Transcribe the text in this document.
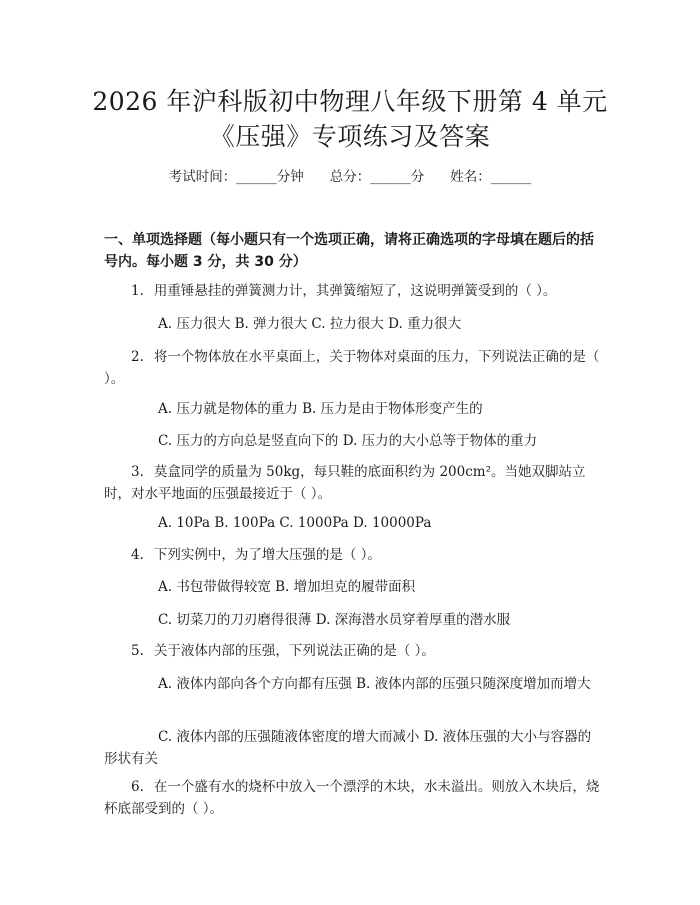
2026 年沪科版初中物理八年级下册第 4 单元
《压强》专项练习及答案
考试时间：______分钟 总分：______分 姓名：______

一、单项选择题（每小题只有一个选项正确，请将正确选项的字母填在题后的括号内。每小题 3 分，共 30 分）

1. 用重锤悬挂的弹簧测力计，其弹簧缩短了，这说明弹簧受到的（ ）。

A. 压力很大 B. 弹力很大 C. 拉力很大 D. 重力很大

2. 将一个物体放在水平桌面上，关于物体对桌面的压力，下列说法正确的是（ ）。

A. 压力就是物体的重力 B. 压力是由于物体形变产生的

C. 压力的方向总是竖直向下的 D. 压力的大小总等于物体的重力

3. 莫盒同学的质量为 50kg，每只鞋的底面积约为 200cm²。当她双脚站立时，对水平地面的压强最接近于（ ）。

A. 10Pa B. 100Pa C. 1000Pa D. 10000Pa

4. 下列实例中，为了增大压强的是（ ）。

A. 书包带做得较宽 B. 增加坦克的履带面积

C. 切菜刀的刀刃磨得很薄 D. 深海潜水员穿着厚重的潜水服

5. 关于液体内部的压强，下列说法正确的是（ ）。

A. 液体内部向各个方向都有压强 B. 液体内部的压强只随深度增加而增大

C. 液体内部的压强随液体密度的增大而减小 D. 液体压强的大小与容器的形状有关

6. 在一个盛有水的烧杯中放入一个漂浮的木块，水未溢出。则放入木块后，烧杯底部受到的（ ）。
